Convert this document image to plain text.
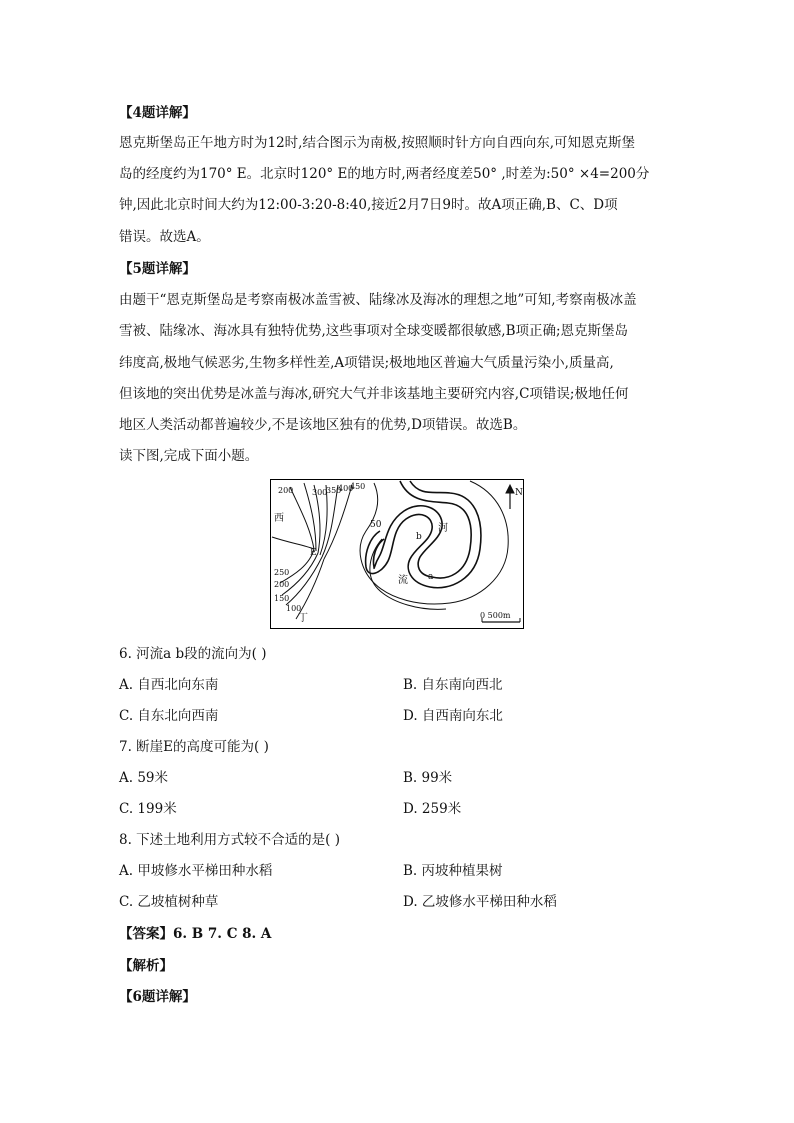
【4题详解】
恩克斯堡岛正午地方时为12时,结合图示为南极,按照顺时针方向自西向东,可知恩克斯堡
岛的经度约为170° E。北京时120° E的地方时,两者经度差50° ,时差为:50° ×4=200分
钟,因此北京时间大约为12:00-3:20-8:40,接近2月7日9时。故A项正确,B、C、D项
错误。故选A。
【5题详解】
由题干“恩克斯堡岛是考察南极冰盖雪被、陆缘冰及海冰的理想之地”可知,考察南极冰盖
雪被、陆缘冰、海冰具有独特优势,这些事项对全球变暖都很敏感,B项正确;恩克斯堡岛
纬度高,极地气候恶劣,生物多样性差,A项错误;极地地区普遍大气质量污染小,质量高,
但该地的突出优势是冰盖与海冰,研究大气并非该基地主要研究内容,C项错误;极地任何
地区人类活动都普遍较少,不是该地区独有的优势,D项错误。故选B。
读下图,完成下面小题。
西
河
流
b
a
E
丁
N
0 500m
50
100
150
200
250
200 300
350
400
450
6. 河流a b段的流向为( )
A. 自西北向东南	B. 自东南向西北
C. 自东北向西南	D. 自西南向东北
7. 断崖E的高度可能为( )
A. 59米	B. 99米
C. 199米	D. 259米
8. 下述土地利用方式较不合适的是( )
A. 甲坡修水平梯田种水稻	B. 丙坡种植果树
C. 乙坡植树种草	D. 乙坡修水平梯田种水稻
【答案】6. B 7. C 8. A
【解析】
【6题详解】
